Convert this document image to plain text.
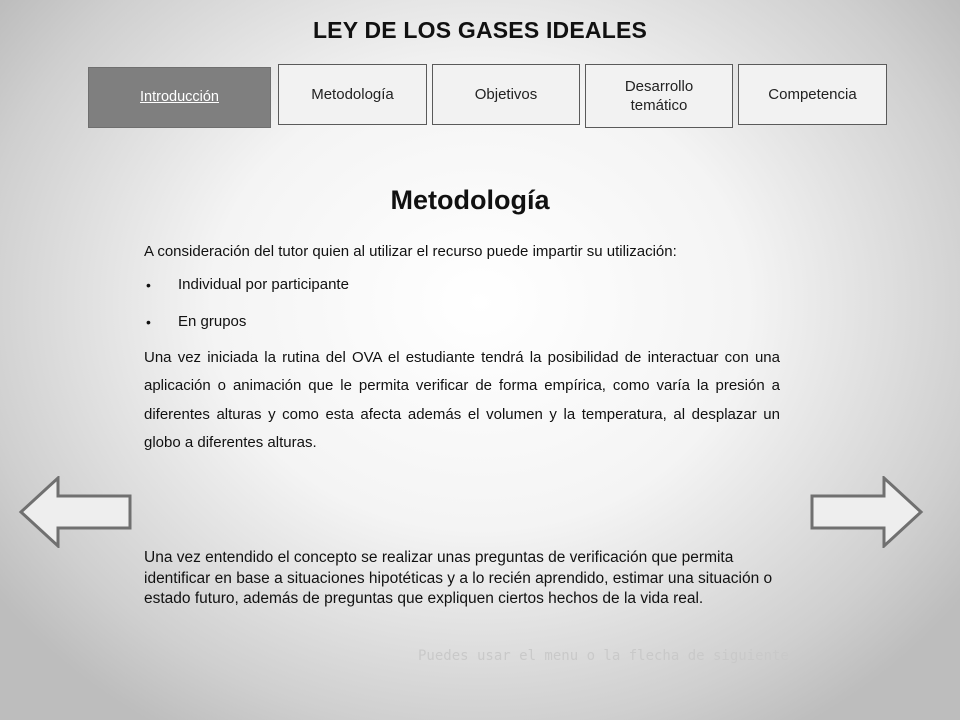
LEY DE LOS GASES IDEALES
Introducción	Metodología	Objetivos	Desarrollo temático
Competencia
Metodología

A consideración del tutor quien al utilizar el recurso puede impartir su utilización:

• Individual por participante
• En grupos

Una vez iniciada la rutina del OVA el estudiante tendrá la posibilidad de interactuar con una aplicación o animación que le permita verificar de forma empírica, como varía la presión a diferentes alturas y como esta afecta además el volumen y la temperatura, al desplazar un globo a diferentes alturas.

Una vez entendido el concepto se realizar unas preguntas de verificación que permita identificar en base a situaciones hipotéticas y a lo recién aprendido, estimar una situación o estado futuro, además de preguntas que expliquen ciertos hechos de la vida real.

Puedes usar el menu o la flecha de siguiente
